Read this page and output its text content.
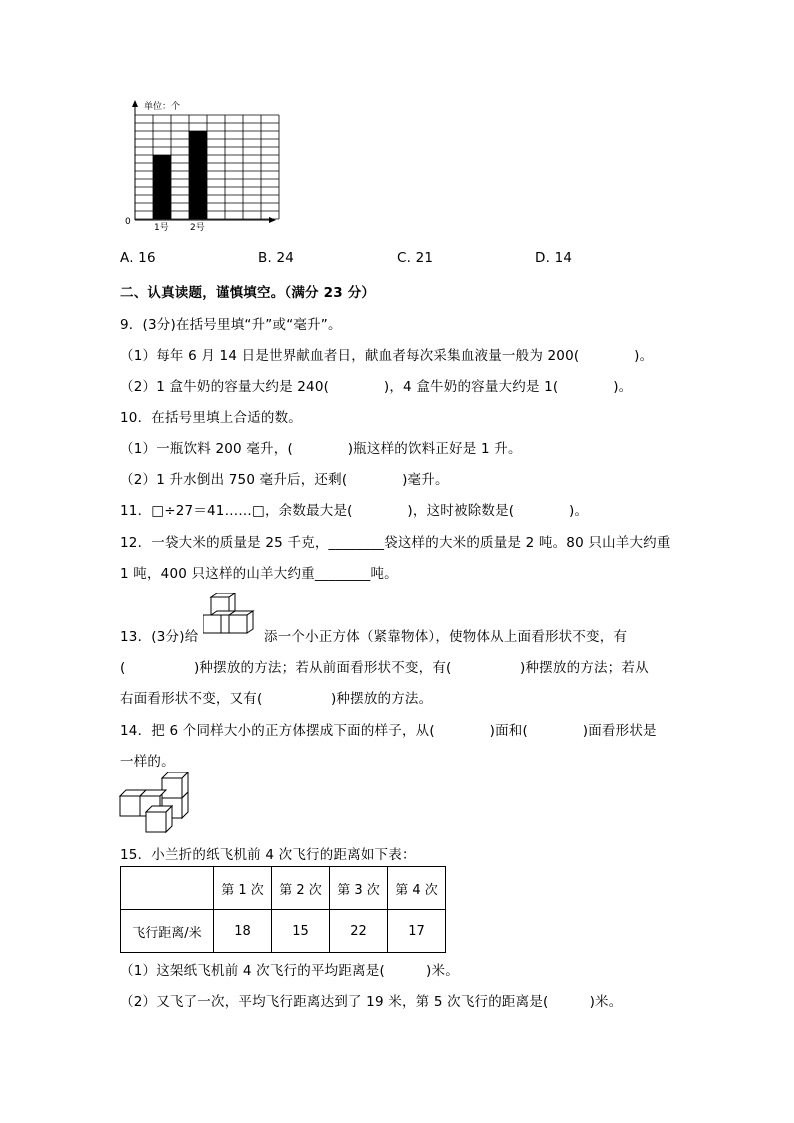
单位：个
0
1号 2号
A. 16	B. 24	C. 21	D. 14
二、认真读题，谨慎填空。（满分 23 分）
9．(3分)在括号里填“升”或“毫升”。
（1）每年 6 月 14 日是世界献血者日，献血者每次采集血液量一般为 200(　　　　)。
（2）1 盒牛奶的容量大约是 240(　　　　)，4 盒牛奶的容量大约是 1(　　　　)。
10．在括号里填上合适的数。
（1）一瓶饮料 200 毫升，(　　　　)瓶这样的饮料正好是 1 升。
（2）1 升水倒出 750 毫升后，还剩(　　　　)毫升。
11．□÷27＝41……□，余数最大是(　　　　)，这时被除数是(　　　　)。
12．一袋大米的质量是 25 千克，________袋这样的大米的质量是 2 吨。80 只山羊大约重
1 吨，400 只这样的山羊大约重________吨。
13．(3分)给	添一个小正方体（紧靠物体），使物体从上面看形状不变，有
(　　　　　)种摆放的方法；若从前面看形状不变，有(　　　　　)种摆放的方法；若从
右面看形状不变，又有(　　　　　)种摆放的方法。
14．把 6 个同样大小的正方体摆成下面的样子，从(　　　　)面和(　　　　)面看形状是
一样的。
15．小兰折的纸飞机前 4 次飞行的距离如下表：
	第 1 次	第 2 次	第 3 次	第 4 次
飞行距离/米	18	15	22	17
（1）这架纸飞机前 4 次飞行的平均距离是(　　　)米。
（2）又飞了一次，平均飞行距离达到了 19 米，第 5 次飞行的距离是(　　　)米。
